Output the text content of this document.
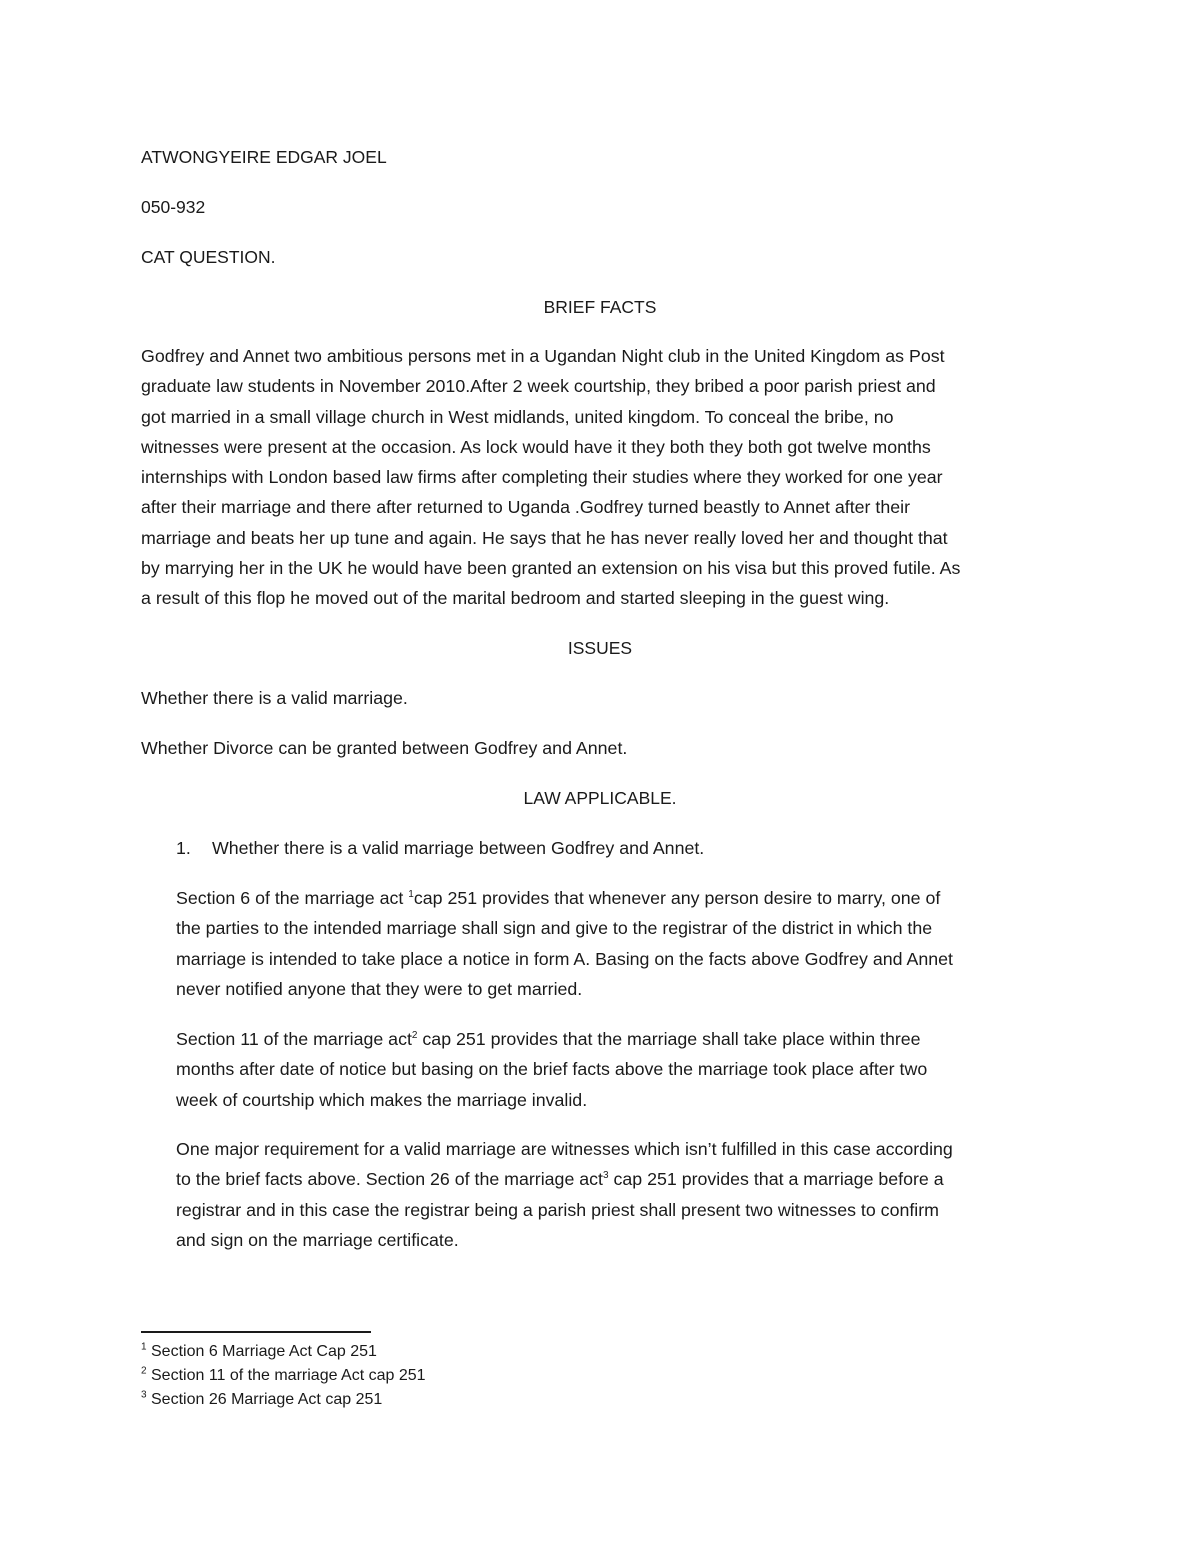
ATWONGYEIRE EDGAR JOEL
050-932
CAT QUESTION.
BRIEF FACTS
Godfrey and Annet two ambitious persons met in a Ugandan Night club in the United Kingdom as Post
graduate law students in November 2010.After 2 week courtship, they bribed a poor parish priest and
got married in a small village church in West midlands, united kingdom. To conceal the bribe, no
witnesses were present at the occasion. As lock would have it they both they both got twelve months
internships with London based law firms after completing their studies where they worked for one year
after their marriage and there after returned to Uganda .Godfrey turned beastly to Annet after their
marriage and beats her up tune and again. He says that he has never really loved her and thought that
by marrying her in the UK he would have been granted an extension on his visa but this proved futile. As
a result of this flop he moved out of the marital bedroom and started sleeping in the guest wing.
ISSUES
Whether there is a valid marriage.
Whether Divorce can be granted between Godfrey and Annet.
LAW APPLICABLE.
1. Whether there is a valid marriage between Godfrey and Annet.
Section 6 of the marriage act $^1$cap 251 provides that whenever any person desire to marry, one of
the parties to the intended marriage shall sign and give to the registrar of the district in which the
marriage is intended to take place a notice in form A. Basing on the facts above Godfrey and Annet
never notified anyone that they were to get married.
Section 11 of the marriage act$^2$ cap 251 provides that the marriage shall take place within three
months after date of notice but basing on the brief facts above the marriage took place after two
week of courtship which makes the marriage invalid.
One major requirement for a valid marriage are witnesses which isn’t fulfilled in this case according
to the brief facts above. Section 26 of the marriage act$^3$ cap 251 provides that a marriage before a
registrar and in this case the registrar being a parish priest shall present two witnesses to confirm
and sign on the marriage certificate.
$^1$ Section 6 Marriage Act Cap 251
$^2$ Section 11 of the marriage Act cap 251
$^3$ Section 26 Marriage Act cap 251
